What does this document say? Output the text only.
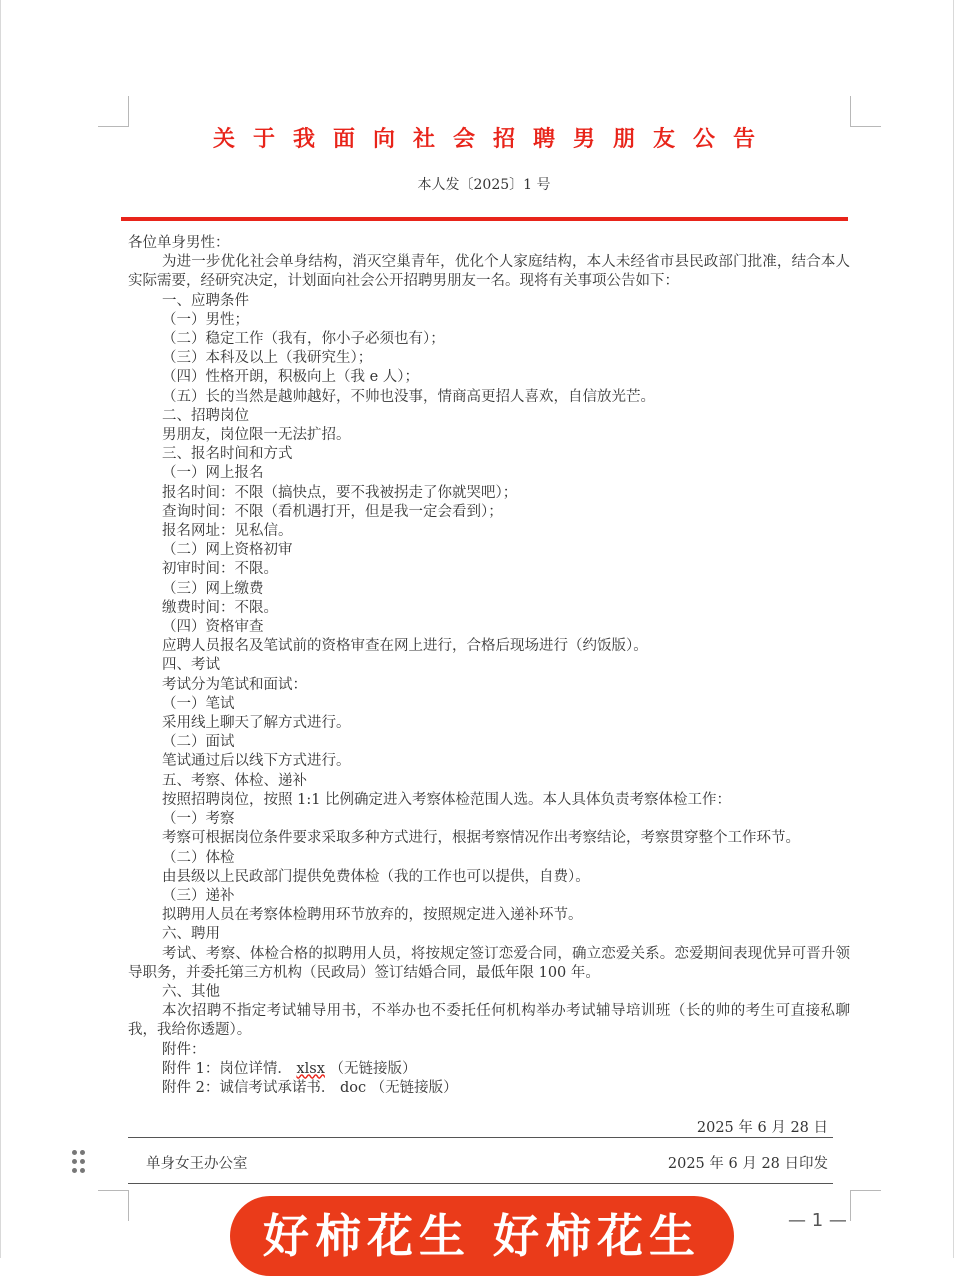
关于我面向社会招聘男朋友公告
本人发〔2025〕1 号

各位单身男性：

为进一步优化社会单身结构，消灭空巢青年，优化个人家庭结构，本人未经省市县民政部门批准，结合本人实际需要，经研究决定，计划面向社会公开招聘男朋友一名。现将有关事项公告如下：

一、应聘条件

（一）男性；

（二）稳定工作（我有，你小子必须也有）；

（三）本科及以上（我研究生）；

（四）性格开朗，积极向上（我 e 人）；

（五）长的当然是越帅越好，不帅也没事，情商高更招人喜欢，自信放光芒。

二、招聘岗位

男朋友，岗位限一无法扩招。

三、报名时间和方式

（一）网上报名

报名时间：不限（搞快点，要不我被拐走了你就哭吧）；

查询时间：不限（看机遇打开，但是我一定会看到）；

报名网址：见私信。

（二）网上资格初审

初审时间：不限。

（三）网上缴费

缴费时间：不限。

（四）资格审查

应聘人员报名及笔试前的资格审查在网上进行，合格后现场进行（约饭版）。

四、考试

考试分为笔试和面试：

（一）笔试

采用线上聊天了解方式进行。

（二）面试

笔试通过后以线下方式进行。

五、考察、体检、递补

按照招聘岗位，按照 1:1 比例确定进入考察体检范围人选。本人具体负责考察体检工作：

（一）考察

考察可根据岗位条件要求采取多种方式进行，根据考察情况作出考察结论，考察贯穿整个工作环节。

（二）体检

由县级以上民政部门提供免费体检（我的工作也可以提供，自费）。

（三）递补

拟聘用人员在考察体检聘用环节放弃的，按照规定进入递补环节。

六、聘用

考试、考察、体检合格的拟聘用人员，将按规定签订恋爱合同，确立恋爱关系。恋爱期间表现优异可晋升领导职务，并委托第三方机构（民政局）签订结婚合同，最低年限 100 年。

六、其他

本次招聘不指定考试辅导用书，不举办也不委托任何机构举办考试辅导培训班（长的帅的考生可直接私聊我，我给你透题）。

附件：

附件 1：岗位详情． xlsx （无链接版）

附件 2：诚信考试承诺书． doc （无链接版）

2025 年 6 月 28 日
单身女王办公室	2025 年 6 月 28 日印发
好柿花生 好柿花生	— 1 —
